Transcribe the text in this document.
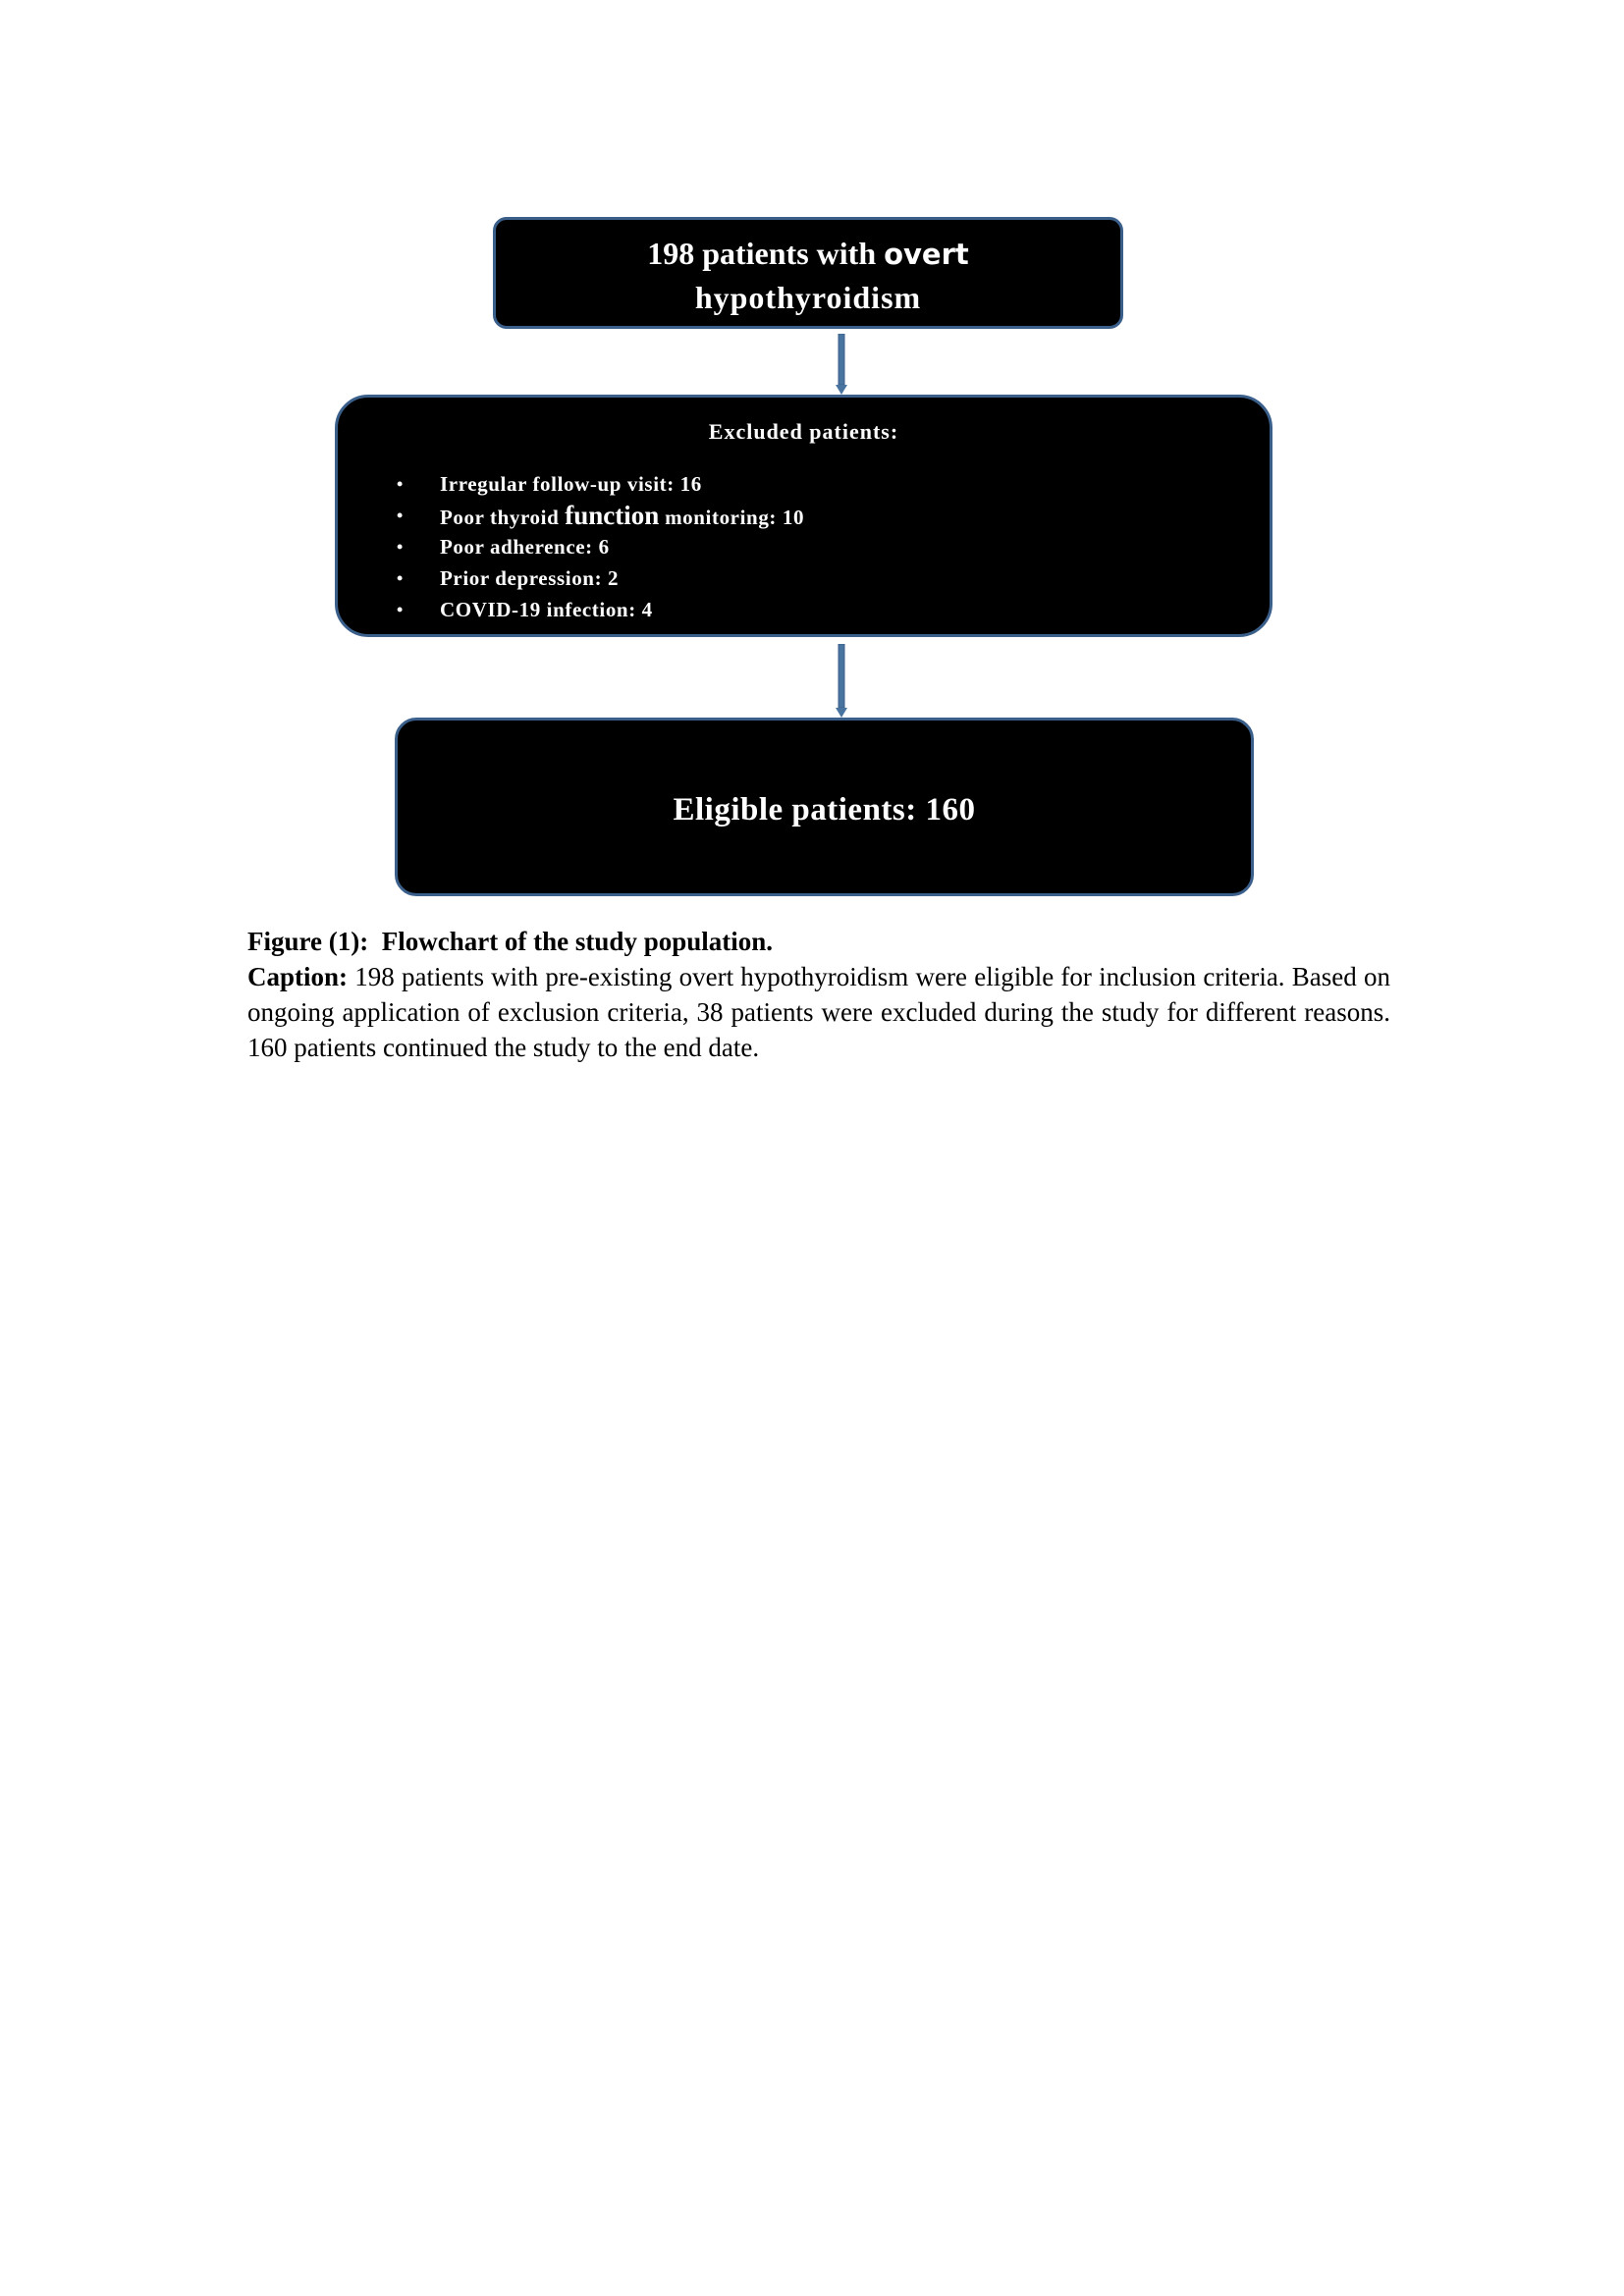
198 patients with overt
hypothyroidism
Excluded patients:
• Irregular follow-up visit: 16
• Poor thyroid function monitoring: 10
• Poor adherence: 6
• Prior depression: 2
• COVID-19 infection: 4
Eligible patients: 160
Figure (1):  Flowchart of the study population.
Caption: 198 patients with pre-existing overt hypothyroidism were eligible for inclusion criteria. Based on ongoing application of exclusion criteria, 38 patients were excluded during the study for different reasons. 160 patients continued the study to the end date.
